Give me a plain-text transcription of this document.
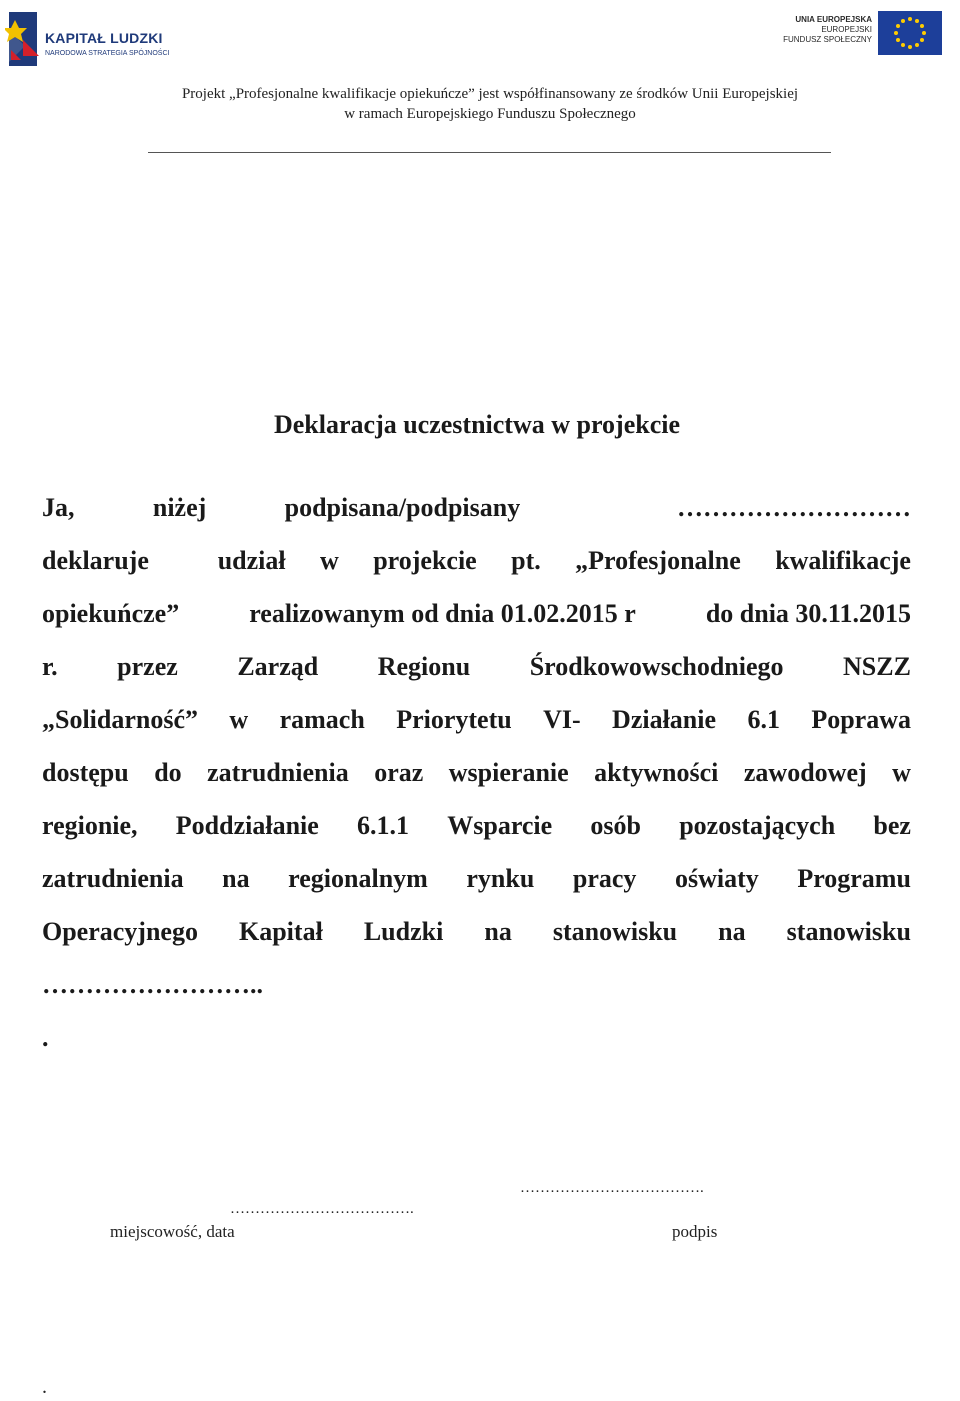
KAPITAŁ LUDZKI
NARODOWA STRATEGIA SPÓJNOŚCI
UNIA EUROPEJSKA
EUROPEJSKI
FUNDUSZ SPOŁECZNY
Projekt „Profesjonalne kwalifikacje opiekuńcze” jest współfinansowany ze środków Unii Europejskiej
w ramach Europejskiego Funduszu Społecznego
Deklaracja uczestnictwa w projekcie
Ja,	niżej	podpisana/podpisany	………………………
deklaruje	udział w projekcie pt. „Profesjonalne kwalifikacje
opiekuńcze”	realizowanym od dnia 01.02.2015 r	do dnia 30.11.2015
r. przez Zarząd Regionu Środkowowschodniego NSZZ
„Solidarność” w ramach Priorytetu VI- Działanie 6.1 Poprawa
dostępu do zatrudnienia oraz wspieranie aktywności zawodowej w
regionie, Poddziałanie 6.1.1 Wsparcie osób pozostających bez
zatrudnienia na regionalnym rynku pracy oświaty Programu
Operacyjnego Kapitał Ludzki na stanowisku na stanowisku
……………………..
.
……………………………….
……………………………….
miejscowość, data	podpis
.
